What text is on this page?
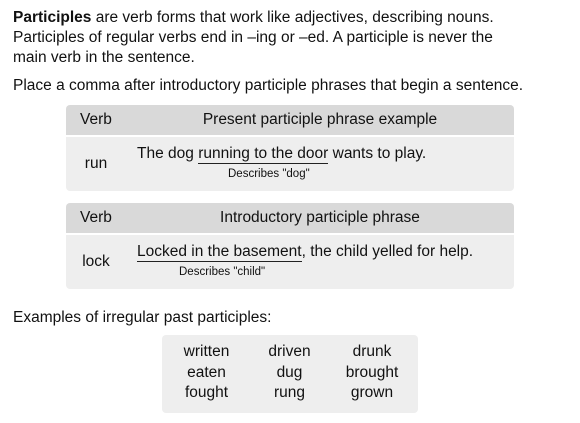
Participles are verb forms that work like adjectives, describing nouns.
Participles of regular verbs end in –ing or –ed. A participle is never the
main verb in the sentence.
Place a comma after introductory participle phrases that begin a sentence.
Verb	Present participle phrase example
run
The dog running to the door wants to play.
Describes "dog"
Verb	Introductory participle phrase
lock
Locked in the basement, the child yelled for help.
Describes "child"
Examples of irregular past participles:
written
eaten
fought
driven
dug
rung
drunk
brought
grown
